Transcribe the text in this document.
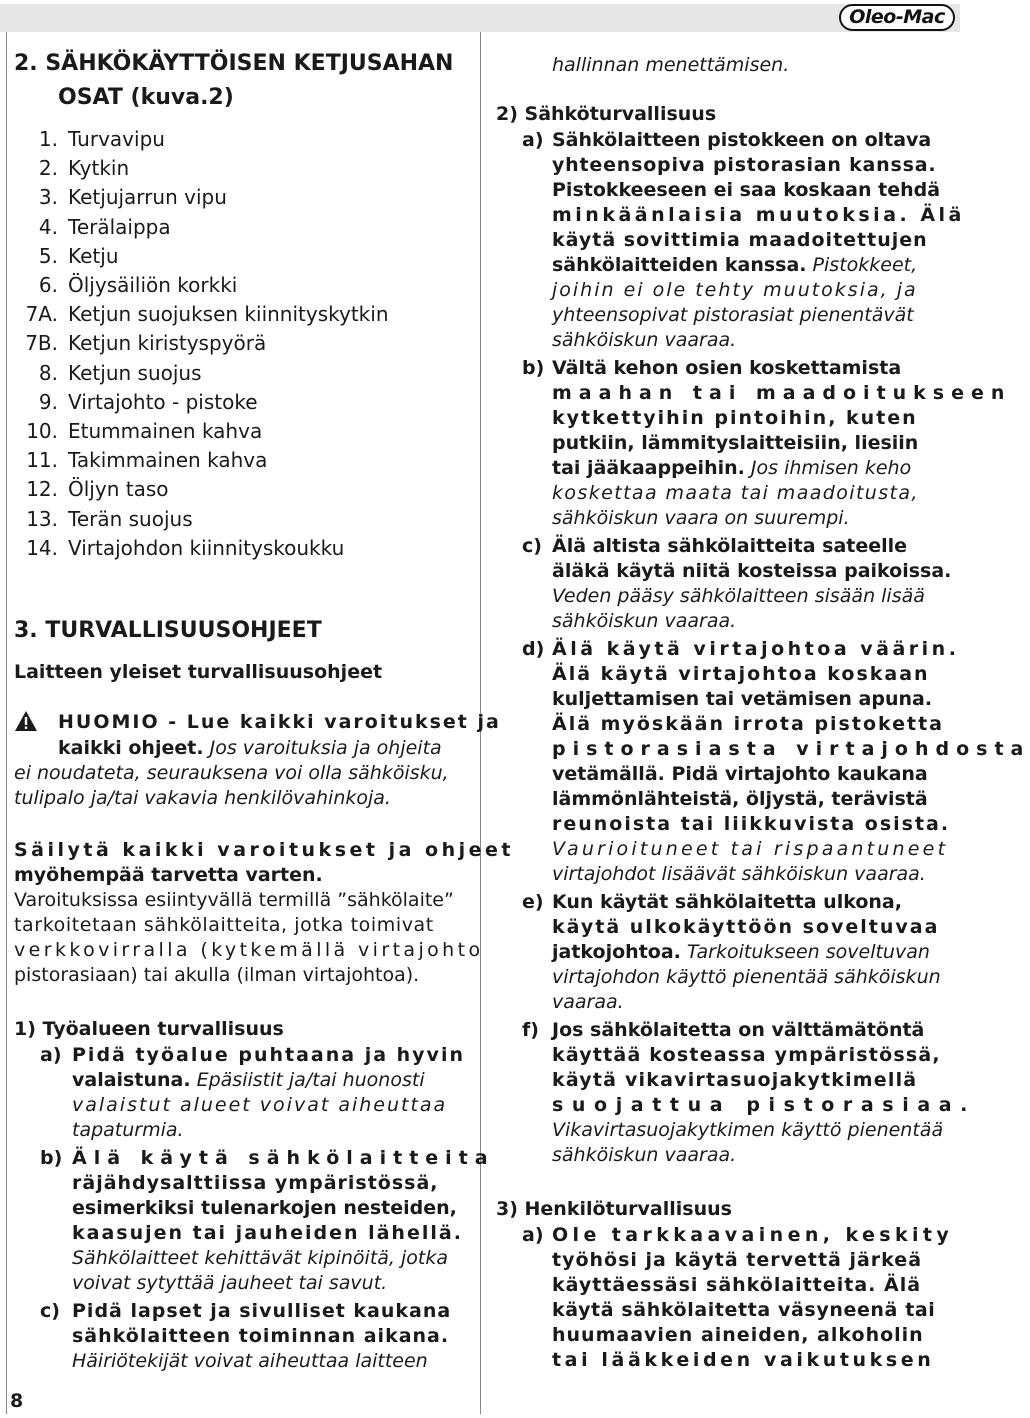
Oleo-Mac
8
2. SÄHKÖKÄYTTÖISEN KETJUSAHAN
OSAT (kuva.2)
1. Turvavipu
2. Kytkin
3. Ketjujarrun vipu
4. Terälaippa
5. Ketju
6. Öljysäiliön korkki
7A. Ketjun suojuksen kiinnityskytkin
7B. Ketjun kiristyspyörä
8. Ketjun suojus
9. Virtajohto - pistoke
10. Etummainen kahva
11. Takimmainen kahva
12. Öljyn taso
13. Terän suojus
14. Virtajohdon kiinnityskoukku
3. TURVALLISUUSOHJEET
Laitteen yleiset turvallisuusohjeet
HUOMIO - Lue kaikki varoitukset ja
kaikki ohjeet. Jos varoituksia ja ohjeita
ei noudateta, seurauksena voi olla sähköisku,
tulipalo ja/tai vakavia henkilövahinkoja.
Säilytä kaikki varoitukset ja ohjeet
myöhempää tarvetta varten.
Varoituksissa esiintyvällä termillä ˮsähkölaiteˮ
tarkoitetaan sähkölaitteita, jotka toimivat
verkkovirralla (kytkemällä virtajohto
pistorasiaan) tai akulla (ilman virtajohtoa).
1) Työalueen turvallisuus
a) Pidä työalue puhtaana ja hyvin
valaistuna. Epäsiistit ja/tai huonosti
valaistut alueet voivat aiheuttaa
tapaturmia.
b) Älä käytä sähkölaitteita
räjähdysalttiissa ympäristössä,
esimerkiksi tulenarkojen nesteiden,
kaasujen tai jauheiden lähellä.
Sähkölaitteet kehittävät kipinöitä, jotka
voivat sytyttää jauheet tai savut.
c) Pidä lapset ja sivulliset kaukana
sähkölaitteen toiminnan aikana.
Häiriötekijät voivat aiheuttaa laitteen
hallinnan menettämisen.
2) Sähköturvallisuus
a) Sähkölaitteen pistokkeen on oltava
yhteensopiva pistorasian kanssa.
Pistokkeeseen ei saa koskaan tehdä
minkäänlaisia muutoksia. Älä
käytä sovittimia maadoitettujen
sähkölaitteiden kanssa. Pistokkeet,
joihin ei ole tehty muutoksia, ja
yhteensopivat pistorasiat pienentävät
sähköiskun vaaraa.
b) Vältä kehon osien koskettamista
maahan tai maadoitukseen
kytkettyihin pintoihin, kuten
putkiin, lämmityslaitteisiin, liesiin
tai jääkaappeihin. Jos ihmisen keho
koskettaa maata tai maadoitusta,
sähköiskun vaara on suurempi.
c) Älä altista sähkölaitteita sateelle
äläkä käytä niitä kosteissa paikoissa.
Veden pääsy sähkölaitteen sisään lisää
sähköiskun vaaraa.
d) Älä käytä virtajohtoa väärin.
Älä käytä virtajohtoa koskaan
kuljettamisen tai vetämisen apuna.
Älä myöskään irrota pistoketta
pistorasiasta virtajohdosta
vetämällä. Pidä virtajohto kaukana
lämmönlähteistä, öljystä, terävistä
reunoista tai liikkuvista osista.
Vaurioituneet tai rispaantuneet
virtajohdot lisäävät sähköiskun vaaraa.
e) Kun käytät sähkölaitetta ulkona,
käytä ulkokäyttöön soveltuvaa
jatkojohtoa. Tarkoitukseen soveltuvan
virtajohdon käyttö pienentää sähköiskun
vaaraa.
f) Jos sähkölaitetta on välttämätöntä
käyttää kosteassa ympäristössä,
käytä vikavirtasuojakytkimellä
suojattua pistorasiaa.
Vikavirtasuojakytkimen käyttö pienentää
sähköiskun vaaraa.
3) Henkilöturvallisuus
a) Ole tarkkaavainen, keskity
työhösi ja käytä tervettä järkeä
käyttäessäsi sähkölaitteita. Älä
käytä sähkölaitetta väsyneenä tai
huumaavien aineiden, alkoholin
tai lääkkeiden vaikutuksen
